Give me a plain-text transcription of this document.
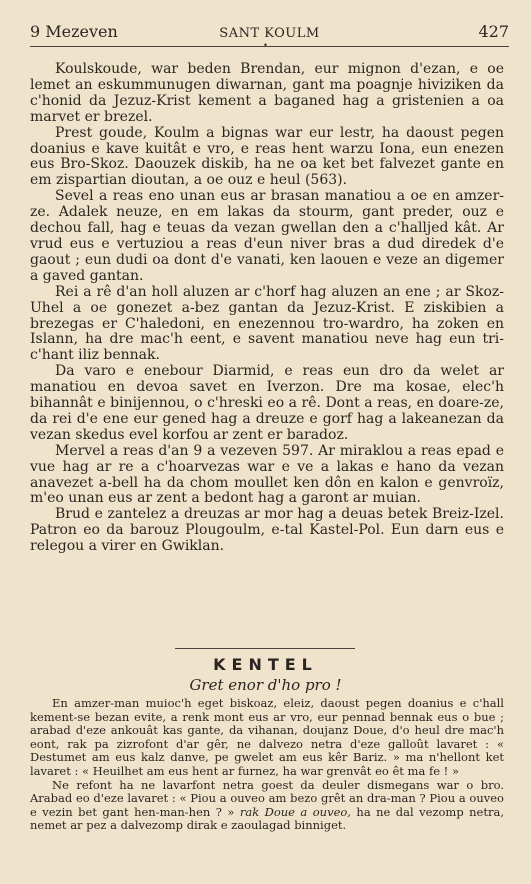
9 Mezeven	SANT KOULM	427
•

Koulskoude, war beden Brendan, eur mignon d'ezan, e oe lemet an eskummunugen diwarnan, gant ma poagnje hiviziken da c'honid da Jezuz-Krist kement a baganed hag a gristenien a oa marvet er brezel.

Prest goude, Koulm a bignas war eur lestr, ha daoust pegen doanius e kave kuitât e vro, e reas hent warzu Iona, eun enezen eus Bro-Skoz. Daouzek diskib, ha ne oa ket bet falvezet gante en em zispartian dioutan, a oe ouz e heul (563).

Sevel a reas eno unan eus ar brasan manatiou a oe en amzer-ze. Adalek neuze, en em lakas da stourm, gant preder, ouz e dechou fall, hag e teuas da vezan gwellan den a c'halljed kât. Ar vrud eus e vertuziou a reas d'eun niver bras a dud diredek d'e gaout ; eun dudi oa dont d'e vanati, ken laouen e veze an digemer a gaved gantan.

Rei a rê d'an holl aluzen ar c'horf hag aluzen an ene ; ar Skoz-Uhel a oe gonezet a-bez gantan da Jezuz-Krist. E ziskibien a brezegas er C'haledoni, en enezennou tro-wardro, ha zoken en Islann, ha dre mac'h eent, e savent manatiou neve hag eun tri-c'hant iliz bennak.

Da varo e enebour Diarmid, e reas eun dro da welet ar manatiou en devoa savet en Iverzon. Dre ma kosae, elec'h bihannât e binijennou, o c'hreski eo a rê. Dont a reas, en doare-ze, da rei d'e ene eur gened hag a dreuze e gorf hag a lakeanezan da vezan skedus evel korfou ar zent er baradoz.

Mervel a reas d'an 9 a vezeven 597. Ar miraklou a reas epad e vue hag ar re a c'hoarvezas war e ve a lakas e hano da vezan anavezet a-bell ha da chom moullet ken dôn en kalon e genvroïz, m'eo unan eus ar zent a bedont hag a garont ar muian.

Brud e zantelez a dreuzas ar mor hag a deuas betek Breiz-Izel. Patron eo da barouz Plougoulm, e-tal Kastel-Pol. Eun darn eus e relegou a virer en Gwiklan.

KENTEL
Gret enor d'ho pro !

En amzer-man muioc'h eget biskoaz, eleiz, daoust pegen doanius e c'hall kement-se bezan evite, a renk mont eus ar vro, eur pennad bennak eus o bue ; arabad d'eze ankouât kas gante, da vihanan, doujanz Doue, d'o heul dre mac'h eont, rak pa zizrofont d'ar gêr, ne dalvezo netra d'eze galloût lavaret : « Destumet am eus kalz danve, pe gwelet am eus kêr Bariz. » ma n'hellont ket lavaret : « Heuilhet am eus hent ar furnez, ha war grenvât eo êt ma fe ! »

Ne refont ha ne lavarfont netra goest da deuler dismegans war o bro. Arabad eo d'eze lavaret : « Piou a ouveo am bezo grêt an dra-man ? Piou a ouveo e vezin bet gant hen-man-hen ? » rak Doue a ouveo, ha ne dal vezomp netra, nemet ar pez a dalvezomp dirak e zaoulagad binniget.
